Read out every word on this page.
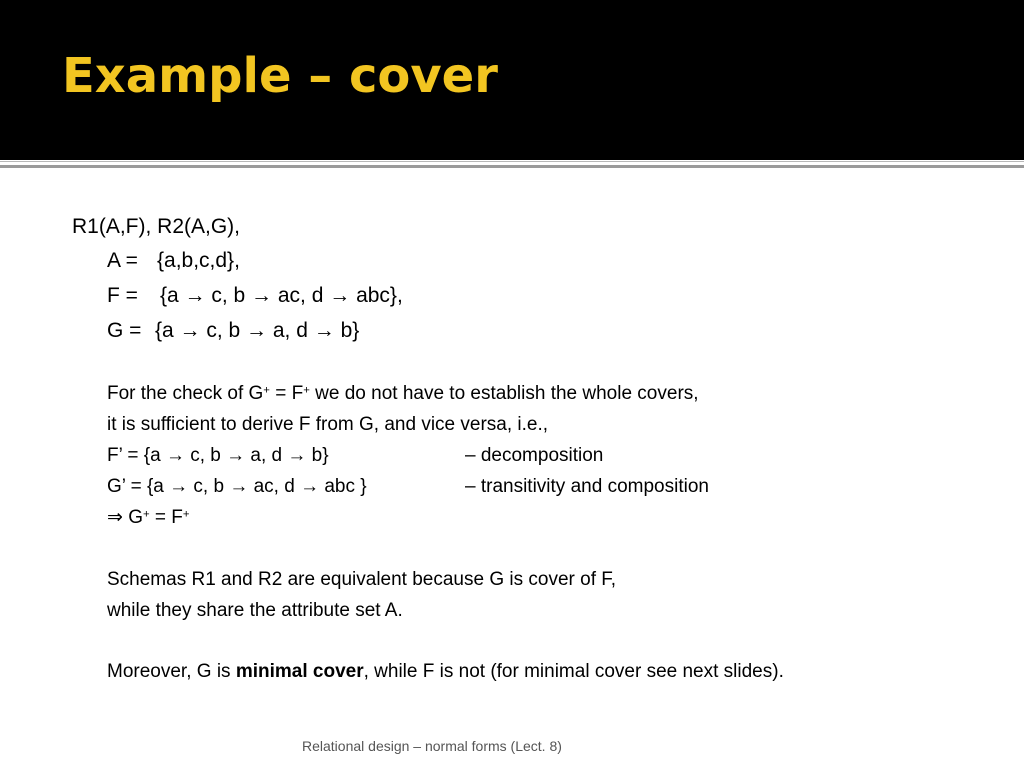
Example – cover
R1(A,F), R2(A,G),
A = {a,b,c,d},
F = {a → c, b → ac, d → abc},
G = {a → c, b → a, d → b}
For the check of G+ = F+ we do not have to establish the whole covers,
it is sufficient to derive F from G, and vice versa, i.e.,
F’ = {a → c, b → a, d → b}	– decomposition
G’ = {a → c, b → ac, d → abc }	– transitivity and composition
⇒ G+ = F+
Schemas R1 and R2 are equivalent because G is cover of F,
while they share the attribute set A.
Moreover, G is minimal cover, while F is not (for minimal cover see next slides).
Relational design – normal forms (Lect. 8)
